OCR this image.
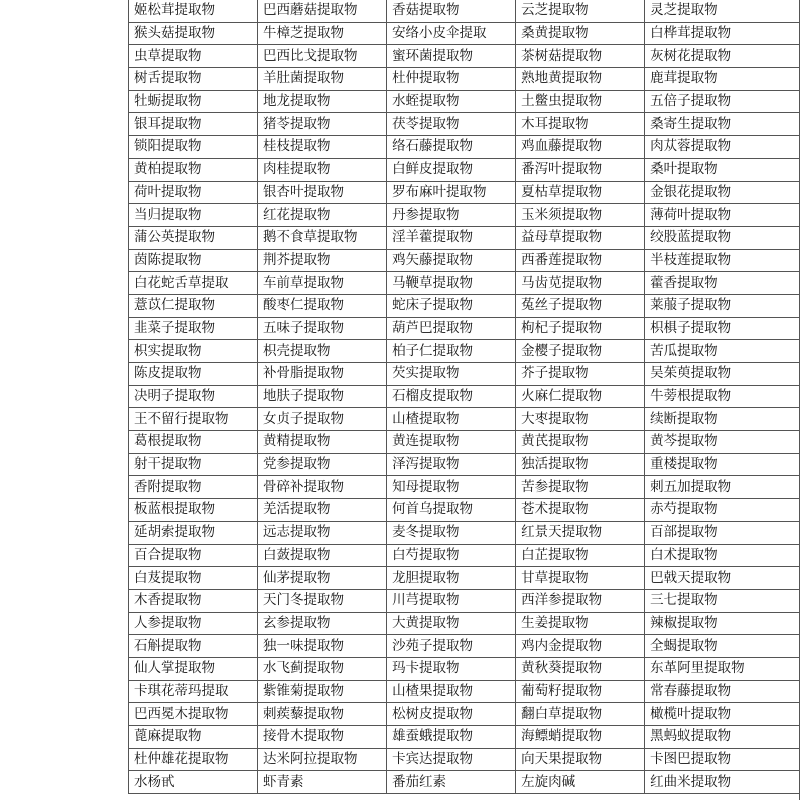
姬松茸提取物	巴西蘑菇提取物	香菇提取物	云芝提取物	灵芝提取物
猴头菇提取物	牛樟芝提取物	安络小皮伞提取	桑黄提取物	白桦茸提取物
虫草提取物	巴西比戈提取物	蜜环菌提取物	茶树菇提取物	灰树花提取物
树舌提取物	羊肚菌提取物	杜仲提取物	熟地黄提取物	鹿茸提取物
牡蛎提取物	地龙提取物	水蛭提取物	土鳖虫提取物	五倍子提取物
银耳提取物	猪苓提取物	茯苓提取物	木耳提取物	桑寄生提取物
锁阳提取物	桂枝提取物	络石藤提取物	鸡血藤提取物	肉苁蓉提取物
黄柏提取物	肉桂提取物	白鲜皮提取物	番泻叶提取物	桑叶提取物
荷叶提取物	银杏叶提取物	罗布麻叶提取物	夏枯草提取物	金银花提取物
当归提取物	红花提取物	丹参提取物	玉米须提取物	薄荷叶提取物
蒲公英提取物	鹅不食草提取物	淫羊藿提取物	益母草提取物	绞股蓝提取物
茵陈提取物	荆芥提取物	鸡矢藤提取物	西番莲提取物	半枝莲提取物
白花蛇舌草提取	车前草提取物	马鞭草提取物	马齿苋提取物	藿香提取物
薏苡仁提取物	酸枣仁提取物	蛇床子提取物	菟丝子提取物	莱菔子提取物
韭菜子提取物	五味子提取物	葫芦巴提取物	枸杞子提取物	枳椇子提取物
枳实提取物	枳壳提取物	柏子仁提取物	金樱子提取物	苦瓜提取物
陈皮提取物	补骨脂提取物	芡实提取物	芥子提取物	吴茱萸提取物
决明子提取物	地肤子提取物	石榴皮提取物	火麻仁提取物	牛蒡根提取物
王不留行提取物	女贞子提取物	山楂提取物	大枣提取物	续断提取物
葛根提取物	黄精提取物	黄连提取物	黄芪提取物	黄芩提取物
射干提取物	党参提取物	泽泻提取物	独活提取物	重楼提取物
香附提取物	骨碎补提取物	知母提取物	苦参提取物	刺五加提取物
板蓝根提取物	羌活提取物	何首乌提取物	苍术提取物	赤芍提取物
延胡索提取物	远志提取物	麦冬提取物	红景天提取物	百部提取物
百合提取物	白蔹提取物	白芍提取物	白芷提取物	白术提取物
白芨提取物	仙茅提取物	龙胆提取物	甘草提取物	巴戟天提取物
木香提取物	天门冬提取物	川芎提取物	西洋参提取物	三七提取物
人参提取物	玄参提取物	大黄提取物	生姜提取物	辣椒提取物
石斛提取物	独一味提取物	沙苑子提取物	鸡内金提取物	全蝎提取物
仙人掌提取物	水飞蓟提取物	玛卡提取物	黄秋葵提取物	东革阿里提取物
卡琪花蒂玛提取	紫锥菊提取物	山楂果提取物	葡萄籽提取物	常春藤提取物
巴西冕木提取物	刺蒺藜提取物	松树皮提取物	翻白草提取物	橄榄叶提取物
蓖麻提取物	接骨木提取物	雄蚕蛾提取物	海鳔蛸提取物	黑蚂蚁提取物
杜仲雄花提取物	达米阿拉提取物	卡宾达提取物	向天果提取物	卡图巴提取物
水杨甙	虾青素	番茄红素	左旋肉碱	红曲米提取物
